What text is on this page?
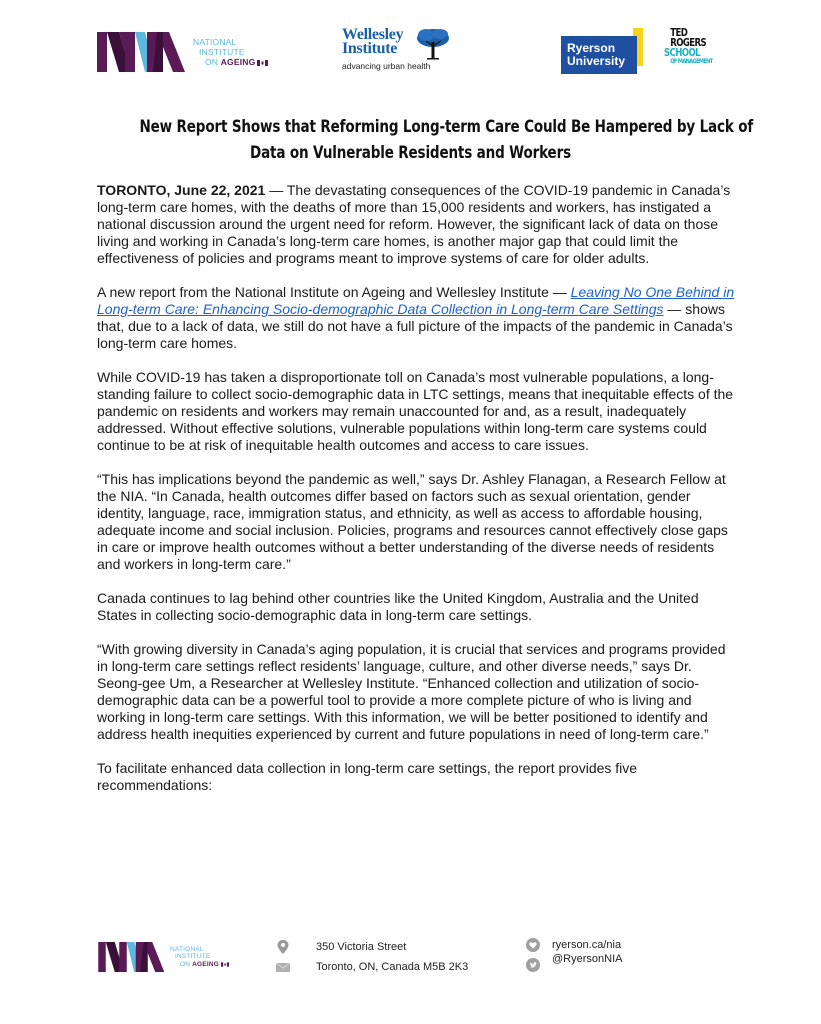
NATIONAL
INSTITUTE
ON AGEING
Wellesley
Institute
advancing urban health
Ryerson
University
TED
ROGERS
SCHOOL
OF MANAGEMENT
New Report Shows that Reforming Long-term Care Could Be Hampered by Lack of
Data on Vulnerable Residents and Workers

TORONTO, June 22, 2021 — The devastating consequences of the COVID-19 pandemic in Canada’s long-term care homes, with the deaths of more than 15,000 residents and workers, has instigated a national discussion around the urgent need for reform. However, the significant lack of data on those living and working in Canada’s long-term care homes, is another major gap that could limit the effectiveness of policies and programs meant to improve systems of care for older adults.

A new report from the National Institute on Ageing and Wellesley Institute — Leaving No One Behind in Long-term Care: Enhancing Socio-demographic Data Collection in Long-term Care Settings — shows that, due to a lack of data, we still do not have a full picture of the impacts of the pandemic in Canada’s long-term care homes.

While COVID-19 has taken a disproportionate toll on Canada’s most vulnerable populations, a long-standing failure to collect socio-demographic data in LTC settings, means that inequitable effects of the pandemic on residents and workers may remain unaccounted for and, as a result, inadequately addressed. Without effective solutions, vulnerable populations within long-term care systems could continue to be at risk of inequitable health outcomes and access to care issues.

“This has implications beyond the pandemic as well,” says Dr. Ashley Flanagan, a Research Fellow at the NIA. “In Canada, health outcomes differ based on factors such as sexual orientation, gender identity, language, race, immigration status, and ethnicity, as well as access to affordable housing, adequate income and social inclusion. Policies, programs and resources cannot effectively close gaps in care or improve health outcomes without a better understanding of the diverse needs of residents and workers in long-term care.”

Canada continues to lag behind other countries like the United Kingdom, Australia and the United States in collecting socio-demographic data in long-term care settings.

“With growing diversity in Canada’s aging population, it is crucial that services and programs provided in long-term care settings reflect residents’ language, culture, and other diverse needs,” says Dr. Seong-gee Um, a Researcher at Wellesley Institute. “Enhanced collection and utilization of socio-demographic data can be a powerful tool to provide a more complete picture of who is living and working in long-term care settings. With this information, we will be better positioned to identify and address health inequities experienced by current and future populations in need of long-term care.”

To facilitate enhanced data collection in long-term care settings, the report provides five recommendations:

NATIONAL
INSTITUTE
ON AGEING
350 Victoria Street
Toronto, ON, Canada M5B 2K3
ryerson.ca/nia
@RyersonNIA
